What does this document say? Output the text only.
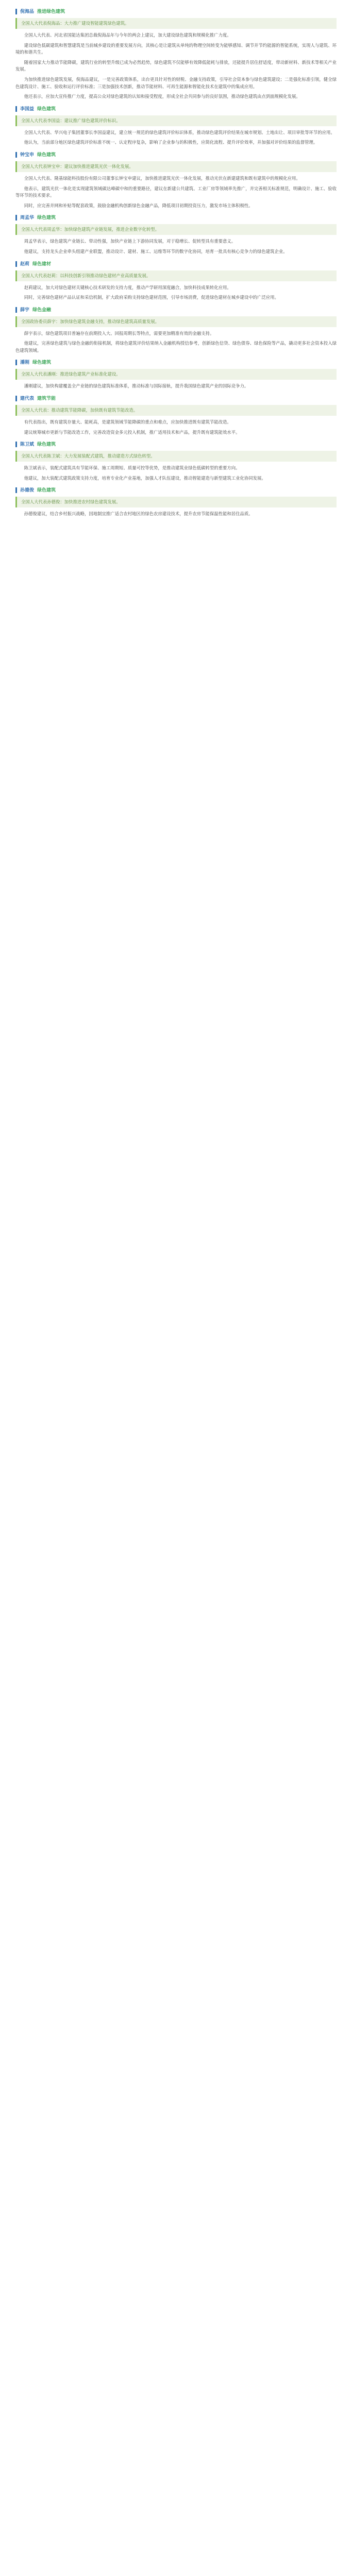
倪海品 推进绿色建筑
全国人大代表倪海品：大力推广建设智能建筑绿色建筑。

全国人大代表、河北省国能达集团总裁倪海品年与今年的两会上建议，加大建设绿色建筑和规模化推广力度。

建设绿色低碳建筑和智慧建筑是当前城乡建设的重要发展方向，其核心是让建筑从单纯的物理空间转变为能够感知、调节并节约能源的智能系统，实现人与建筑、环境的和谐共生。

随着国家大力推动节能降碳，建筑行业的转型升级已成为必然趋势，绿色建筑不仅能够有效降低能耗与排放，还能提升居住舒适度，带动新材料、新技术等相关产业发展。

为加快推进绿色建筑发展，倪海品建议，一是完善政策体系，出台更具针对性的财税、金融支持政策，引导社会资本参与绿色建筑建设；二是强化标准引领，健全绿色建筑设计、施工、验收和运行评价标准；三是加强技术创新，推动节能材料、可再生能源和智能化技术在建筑中的集成应用。

他还表示，应加大宣传推广力度，提高公众对绿色建筑的认知和接受程度，形成全社会共同参与的良好氛围，推动绿色建筑由点到面规模化发展。

李国益 绿色建筑
全国人大代表李国益：建议推广绿色建筑评价标识。

全国人大代表、华兴电子集团董事长李国益建议，建立统一规范的绿色建筑评价标识体系，推动绿色建筑评价结果在城市规划、土地出让、项目审批等环节的应用。

他认为，当前部分地区绿色建筑评价标准不统一、认定程序复杂，影响了企业参与的积极性，应简化流程、提升评价效率，并加强对评价结果的监督管理。

钟宝申 绿色建筑
全国人大代表钟宝申：建议加快推进建筑光伏一体化发展。

全国人大代表、隆基绿能科技股份有限公司董事长钟宝申建议，加快推进建筑光伏一体化发展，推动光伏在新建建筑和既有建筑中的规模化应用。

他表示，建筑光伏一体化是实现建筑领域碳达峰碳中和的重要路径，建议在新建公共建筑、工业厂房等领域率先推广，并完善相关标准规范，明确设计、施工、验收等环节的技术要求。

同时，应完善并网和补贴等配套政策，鼓励金融机构创新绿色金融产品，降低项目初期投资压力，激发市场主体积极性。

周孟华 绿色建筑
全国人大代表周孟华：加快绿色建筑产业链发展，推进企业数字化转型。

周孟华表示，绿色建筑产业链长、带动性强，加快产业链上下游协同发展，对于稳增长、促转型具有重要意义。

他建议，支持龙头企业牵头组建产业联盟，推动设计、建材、施工、运维等环节的数字化协同，培育一批具有核心竞争力的绿色建筑企业。

赵莉 绿色建材
全国人大代表赵莉：以科技创新引领推动绿色建材产业高质量发展。

赵莉建议，加大对绿色建材关键核心技术研发的支持力度，推动产学研用深度融合，加快科技成果转化应用。

同时，完善绿色建材产品认证和采信机制，扩大政府采购支持绿色建材范围，引导市场消费，促进绿色建材在城乡建设中的广泛应用。

薛宇 绿色金融
全国政协委员薛宇：加快绿色建筑金融支持，推动绿色建筑高质量发展。

薛宇表示，绿色建筑项目普遍存在前期投入大、回报周期长等特点，需要更加精准有效的金融支持。

他建议，完善绿色建筑与绿色金融的衔接机制，将绿色建筑评价结果纳入金融机构授信参考，创新绿色信贷、绿色债券、绿色保险等产品，撬动更多社会资本投入绿色建筑领域。

潘刚 绿色建筑
全国人大代表潘刚：推进绿色建筑产业标准化建设。

潘刚建议，加快构建覆盖全产业链的绿色建筑标准体系，推动标准与国际接轨，提升我国绿色建筑产业的国际竞争力。

建代表 建筑节能
全国人大代表：推动建筑节能降碳，加快既有建筑节能改造。

有代表指出，既有建筑存量大、能耗高，是建筑领域节能降碳的重点和难点，应加快推进既有建筑节能改造。

建议统筹城市更新与节能改造工作，完善改造资金多元投入机制，推广适用技术和产品，提升既有建筑能效水平。

陈卫斌 绿色建筑
全国人大代表陈卫斌：大力发展装配式建筑，推动建造方式绿色转型。

陈卫斌表示，装配式建筑具有节能环保、施工周期短、质量可控等优势，是推动建筑业绿色低碳转型的重要方向。

他建议，加大装配式建筑政策支持力度，培育专业化产业基地，加强人才队伍建设，推动智能建造与新型建筑工业化协同发展。

孙德俊 绿色建筑
全国人大代表孙德俊：加快推进农村绿色建筑发展。

孙德俊建议，结合乡村振兴战略，因地制宜推广适合农村地区的绿色农房建设技术，提升农房节能保温性能和居住品质。
